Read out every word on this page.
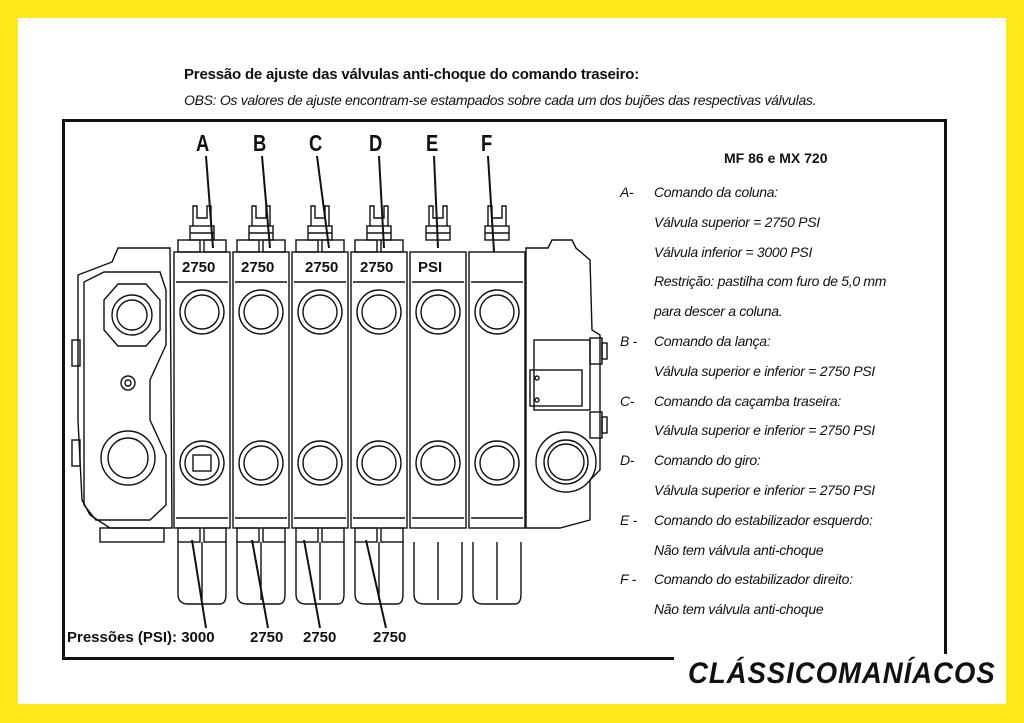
Pressão de ajuste das válvulas anti-choque do comando traseiro:
OBS: Os valores de ajuste encontram-se estampados sobre cada um dos bujões das respectivas válvulas.
A B C D E F
2750 2750 2750 2750 PSI
Pressões (PSI): 3000 2750 2750 2750
MF 86 e MX 720
A-	Comando da coluna:
Válvula superior = 2750 PSI
Válvula inferior = 3000 PSI
Restrição: pastilha com furo de 5,0 mm
para descer a coluna.
B -	Comando da lança:
Válvula superior e inferior = 2750 PSI
C-	Comando da caçamba traseira:
Válvula superior e inferior = 2750 PSI
D-	Comando do giro:
Válvula superior e inferior = 2750 PSI
E -	Comando do estabilizador esquerdo:
Não tem válvula anti-choque
F -	Comando do estabilizador direito:
Não tem válvula anti-choque
CLÁSSICOMANÍACOS
